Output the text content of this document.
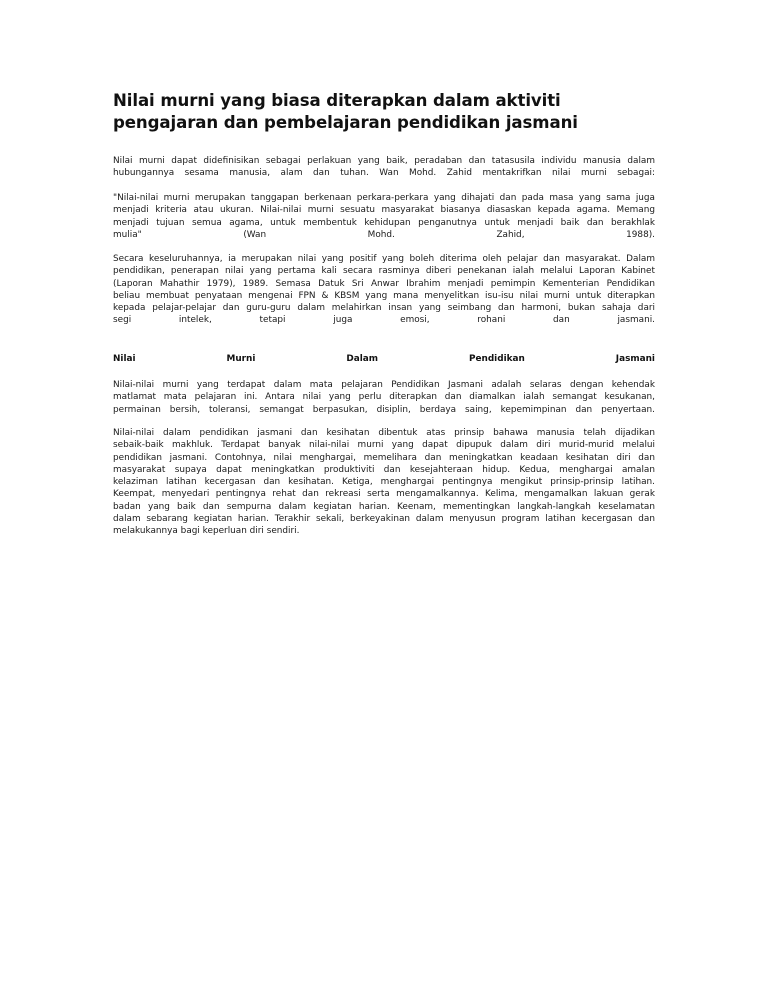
Nilai murni yang biasa diterapkan dalam aktiviti pengajaran dan pembelajaran pendidikan jasmani
Nilai murni dapat didefinisikan sebagai perlakuan yang baik, peradaban dan tatasusila individu manusia dalam
hubungannya sesama manusia, alam dan tuhan. Wan Mohd. Zahid mentakrifkan nilai murni sebagai:
"Nilai-nilai murni merupakan tanggapan berkenaan perkara-perkara yang dihajati dan pada masa yang sama juga
menjadi kriteria atau ukuran. Nilai-nilai murni sesuatu masyarakat biasanya diasaskan kepada agama. Memang
menjadi tujuan semua agama, untuk membentuk kehidupan penganutnya untuk menjadi baik dan berakhlak
mulia" (Wan Mohd. Zahid, 1988).
Secara keseluruhannya, ia merupakan nilai yang positif yang boleh diterima oleh pelajar dan masyarakat. Dalam
pendidikan, penerapan nilai yang pertama kali secara rasminya diberi penekanan ialah melalui Laporan Kabinet
(Laporan Mahathir 1979), 1989. Semasa Datuk Sri Anwar Ibrahim menjadi pemimpin Kementerian Pendidikan
beliau membuat penyataan mengenai FPN & KBSM yang mana menyelitkan isu-isu nilai murni untuk diterapkan
kepada pelajar-pelajar dan guru-guru dalam melahirkan insan yang seimbang dan harmoni, bukan sahaja dari
segi intelek, tetapi juga emosi, rohani dan jasmani.
Nilai	Murni	Dalam	Pendidikan	Jasmani
Nilai-nilai murni yang terdapat dalam mata pelajaran Pendidikan Jasmani adalah selaras dengan kehendak
matlamat mata pelajaran ini. Antara nilai yang perlu diterapkan dan diamalkan ialah semangat kesukanan,
permainan bersih, toleransi, semangat berpasukan, disiplin, berdaya saing, kepemimpinan dan penyertaan.
Nilai-nilai dalam pendidikan jasmani dan kesihatan dibentuk atas prinsip bahawa manusia telah dijadikan
sebaik-baik makhluk. Terdapat banyak nilai-nilai murni yang dapat dipupuk dalam diri murid-murid melalui
pendidikan jasmani. Contohnya, nilai menghargai, memelihara dan meningkatkan keadaan kesihatan diri dan
masyarakat supaya dapat meningkatkan produktiviti dan kesejahteraan hidup. Kedua, menghargai amalan
kelaziman latihan kecergasan dan kesihatan. Ketiga, menghargai pentingnya mengikut prinsip-prinsip latihan.
Keempat, menyedari pentingnya rehat dan rekreasi serta mengamalkannya. Kelima, mengamalkan lakuan gerak
badan yang baik dan sempurna dalam kegiatan harian. Keenam, mementingkan langkah-langkah keselamatan
dalam sebarang kegiatan harian. Terakhir sekali, berkeyakinan dalam menyusun program latihan kecergasan dan
melakukannya bagi keperluan diri sendiri.
